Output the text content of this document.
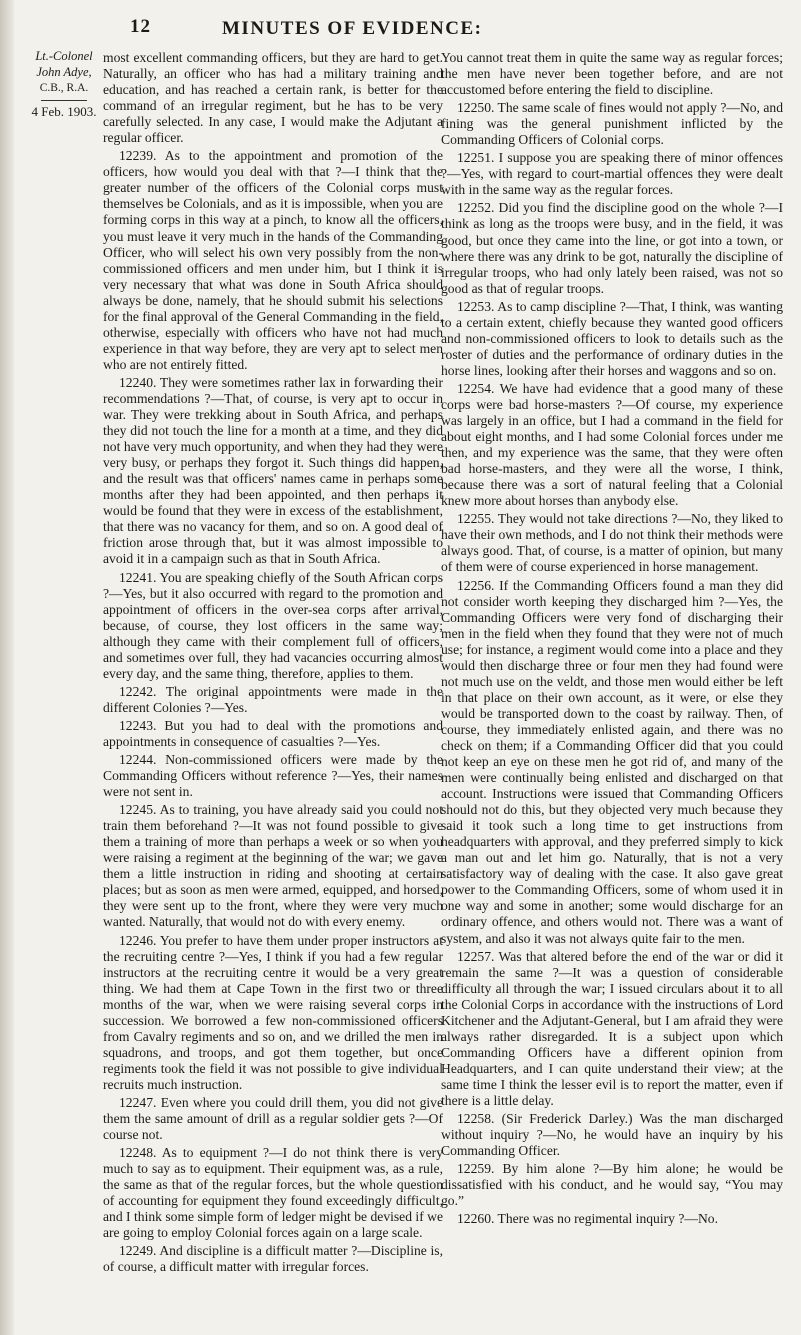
12	MINUTES OF EVIDENCE:
Lt.-Colonel John Adye,
C.B., R.A.
4 Feb. 1903.

most excellent commanding officers, but they are hard to get. Naturally, an officer who has had a military training and education, and has reached a certain rank, is better for the command of an irregular regiment, but he has to be very carefully selected. In any case, I would make the Adjutant a regular officer.

12239. As to the appointment and promotion of the officers, how would you deal with that ?—I think that the greater number of the officers of the Colonial corps must themselves be Colonials, and as it is impossible, when you are forming corps in this way at a pinch, to know all the officers, you must leave it very much in the hands of the Commanding Officer, who will select his own very possibly from the non-commissioned officers and men under him, but I think it is very necessary that what was done in South Africa should always be done, namely, that he should submit his selections for the final approval of the General Commanding in the field, otherwise, especially with officers who have not had much experience in that way before, they are very apt to select men who are not entirely fitted.

12240. They were sometimes rather lax in forwarding their recommendations ?—That, of course, is very apt to occur in war. They were trekking about in South Africa, and perhaps they did not touch the line for a month at a time, and they did not have very much opportunity, and when they had they were very busy, or perhaps they forgot it. Such things did happen, and the result was that officers' names came in perhaps some months after they had been appointed, and then perhaps it would be found that they were in excess of the establishment, that there was no vacancy for them, and so on. A good deal of friction arose through that, but it was almost impossible to avoid it in a campaign such as that in South Africa.

12241. You are speaking chiefly of the South African corps ?—Yes, but it also occurred with regard to the promotion and appointment of officers in the over-sea corps after arrival, because, of course, they lost officers in the same way; although they came with their complement full of officers, and sometimes over full, they had vacancies occurring almost every day, and the same thing, therefore, applies to them.

12242. The original appointments were made in the different Colonies ?—Yes.

12243. But you had to deal with the promotions and appointments in consequence of casualties ?—Yes.

12244. Non-commissioned officers were made by the Commanding Officers without reference ?—Yes, their names were not sent in.

12245. As to training, you have already said you could not train them beforehand ?—It was not found possible to give them a training of more than perhaps a week or so when you were raising a regiment at the beginning of the war; we gave them a little instruction in riding and shooting at certain places; but as soon as men were armed, equipped, and horsed, they were sent up to the front, where they were very much wanted. Naturally, that would not do with every enemy.

12246. You prefer to have them under proper instructors at the recruiting centre ?—Yes, I think if you had a few regular instructors at the recruiting centre it would be a very great thing. We had them at Cape Town in the first two or three months of the war, when we were raising several corps in succession. We borrowed a few non-commissioned officers from Cavalry regiments and so on, and we drilled the men in squadrons, and troops, and got them together, but once regiments took the field it was not possible to give individual recruits much instruction.

12247. Even where you could drill them, you did not give them the same amount of drill as a regular soldier gets ?—Of course not.

12248. As to equipment ?—I do not think there is very much to say as to equipment. Their equipment was, as a rule, the same as that of the regular forces, but the whole question of accounting for equipment they found exceedingly difficult, and I think some simple form of ledger might be devised if we are going to employ Colonial forces again on a large scale.

12249. And discipline is a difficult matter ?—Discipline is, of course, a difficult matter with irregular forces.

You cannot treat them in quite the same way as regular forces; the men have never been together before, and are not accustomed before entering the field to discipline.

12250. The same scale of fines would not apply ?—No, and fining was the general punishment inflicted by the Commanding Officers of Colonial corps.

12251. I suppose you are speaking there of minor offences ?—Yes, with regard to court-martial offences they were dealt with in the same way as the regular forces.

12252. Did you find the discipline good on the whole ?—I think as long as the troops were busy, and in the field, it was good, but once they came into the line, or got into a town, or where there was any drink to be got, naturally the discipline of irregular troops, who had only lately been raised, was not so good as that of regular troops.

12253. As to camp discipline ?—That, I think, was wanting to a certain extent, chiefly because they wanted good officers and non-commissioned officers to look to details such as the roster of duties and the performance of ordinary duties in the horse lines, looking after their horses and waggons and so on.

12254. We have had evidence that a good many of these corps were bad horse-masters ?—Of course, my experience was largely in an office, but I had a command in the field for about eight months, and I had some Colonial forces under me then, and my experience was the same, that they were often bad horse-masters, and they were all the worse, I think, because there was a sort of natural feeling that a Colonial knew more about horses than anybody else.

12255. They would not take directions ?—No, they liked to have their own methods, and I do not think their methods were always good. That, of course, is a matter of opinion, but many of them were of course experienced in horse management.

12256. If the Commanding Officers found a man they did not consider worth keeping they discharged him ?—Yes, the Commanding Officers were very fond of discharging their men in the field when they found that they were not of much use; for instance, a regiment would come into a place and they would then discharge three or four men they had found were not much use on the veldt, and those men would either be left in that place on their own account, as it were, or else they would be transported down to the coast by railway. Then, of course, they immediately enlisted again, and there was no check on them; if a Commanding Officer did that you could not keep an eye on these men he got rid of, and many of the men were continually being enlisted and discharged on that account. Instructions were issued that Commanding Officers should not do this, but they objected very much because they said it took such a long time to get instructions from headquarters with approval, and they preferred simply to kick a man out and let him go. Naturally, that is not a very satisfactory way of dealing with the case. It also gave great power to the Commanding Officers, some of whom used it in one way and some in another; some would discharge for an ordinary offence, and others would not. There was a want of system, and also it was not always quite fair to the men.

12257. Was that altered before the end of the war or did it remain the same ?—It was a question of considerable difficulty all through the war; I issued circulars about it to all the Colonial Corps in accordance with the instructions of Lord Kitchener and the Adjutant-General, but I am afraid they were always rather disregarded. It is a subject upon which Commanding Officers have a different opinion from Headquarters, and I can quite understand their view; at the same time I think the lesser evil is to report the matter, even if there is a little delay.

12258. (Sir Frederick Darley.) Was the man discharged without inquiry ?—No, he would have an inquiry by his Commanding Officer.

12259. By him alone ?—By him alone; he would be dissatisfied with his conduct, and he would say, “You may go.”

12260. There was no regimental inquiry ?—No.
